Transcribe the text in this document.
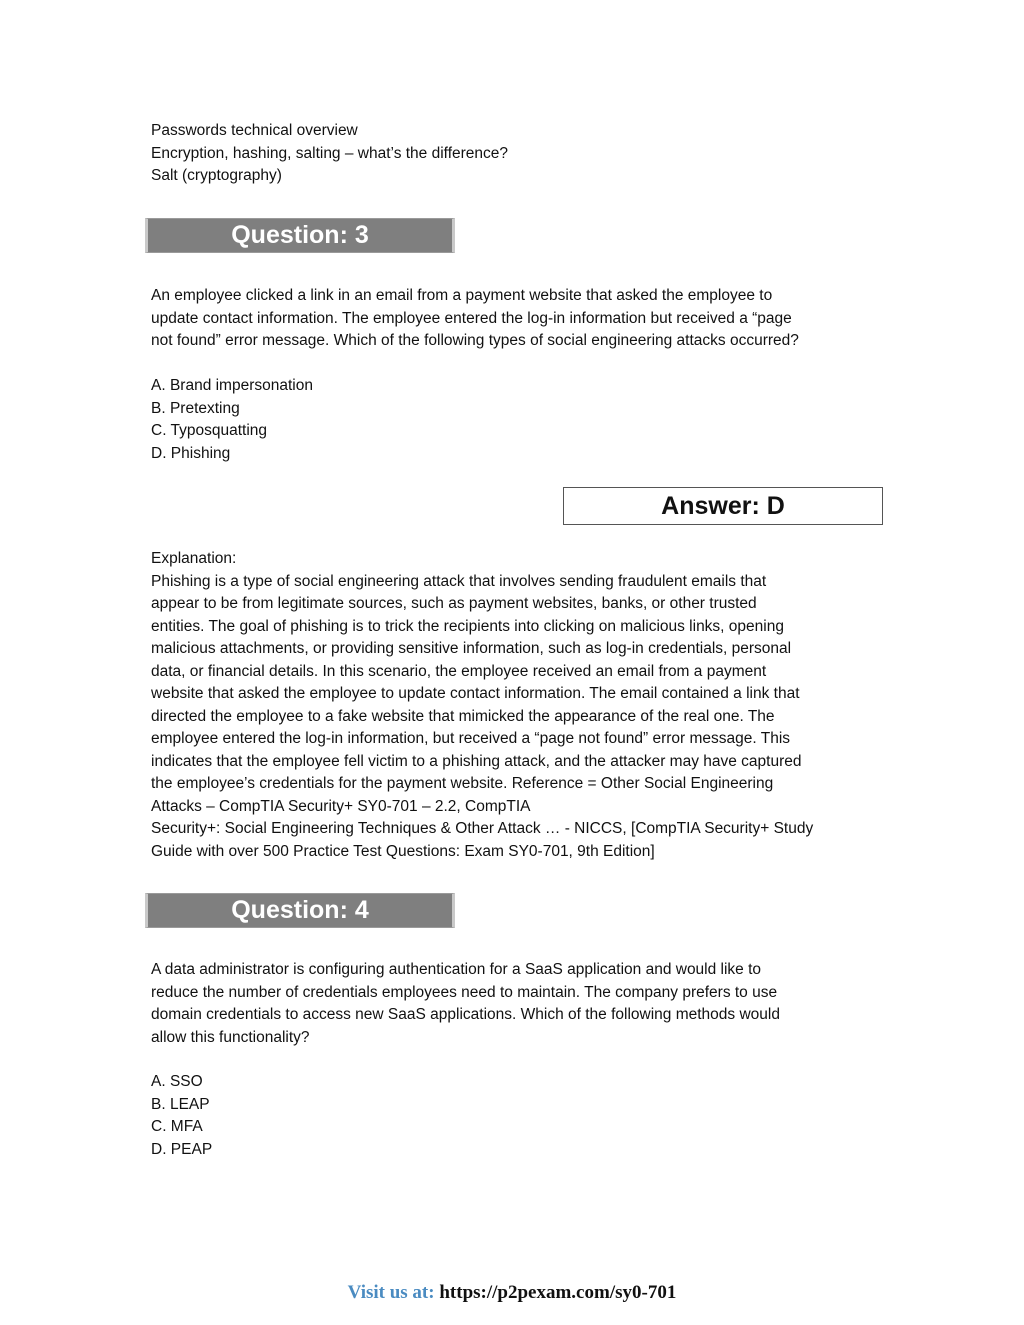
Passwords technical overview
Encryption, hashing, salting – what’s the difference?
Salt (cryptography)
Question: 3
An employee clicked a link in an email from a payment website that asked the employee to
update contact information. The employee entered the log-in information but received a “page
not found” error message. Which of the following types of social engineering attacks occurred?
A. Brand impersonation
B. Pretexting
C. Typosquatting
D. Phishing
Answer: D
Explanation:
Phishing is a type of social engineering attack that involves sending fraudulent emails that
appear to be from legitimate sources, such as payment websites, banks, or other trusted
entities. The goal of phishing is to trick the recipients into clicking on malicious links, opening
malicious attachments, or providing sensitive information, such as log-in credentials, personal
data, or financial details. In this scenario, the employee received an email from a payment
website that asked the employee to update contact information. The email contained a link that
directed the employee to a fake website that mimicked the appearance of the real one. The
employee entered the log-in information, but received a “page not found” error message. This
indicates that the employee fell victim to a phishing attack, and the attacker may have captured
the employee’s credentials for the payment website. Reference = Other Social Engineering
Attacks – CompTIA Security+ SY0-701 – 2.2, CompTIA
Security+: Social Engineering Techniques & Other Attack … - NICCS, [CompTIA Security+ Study
Guide with over 500 Practice Test Questions: Exam SY0-701, 9th Edition]
Question: 4
A data administrator is configuring authentication for a SaaS application and would like to
reduce the number of credentials employees need to maintain. The company prefers to use
domain credentials to access new SaaS applications. Which of the following methods would
allow this functionality?
A. SSO
B. LEAP
C. MFA
D. PEAP
Visit us at: https://p2pexam.com/sy0-701
